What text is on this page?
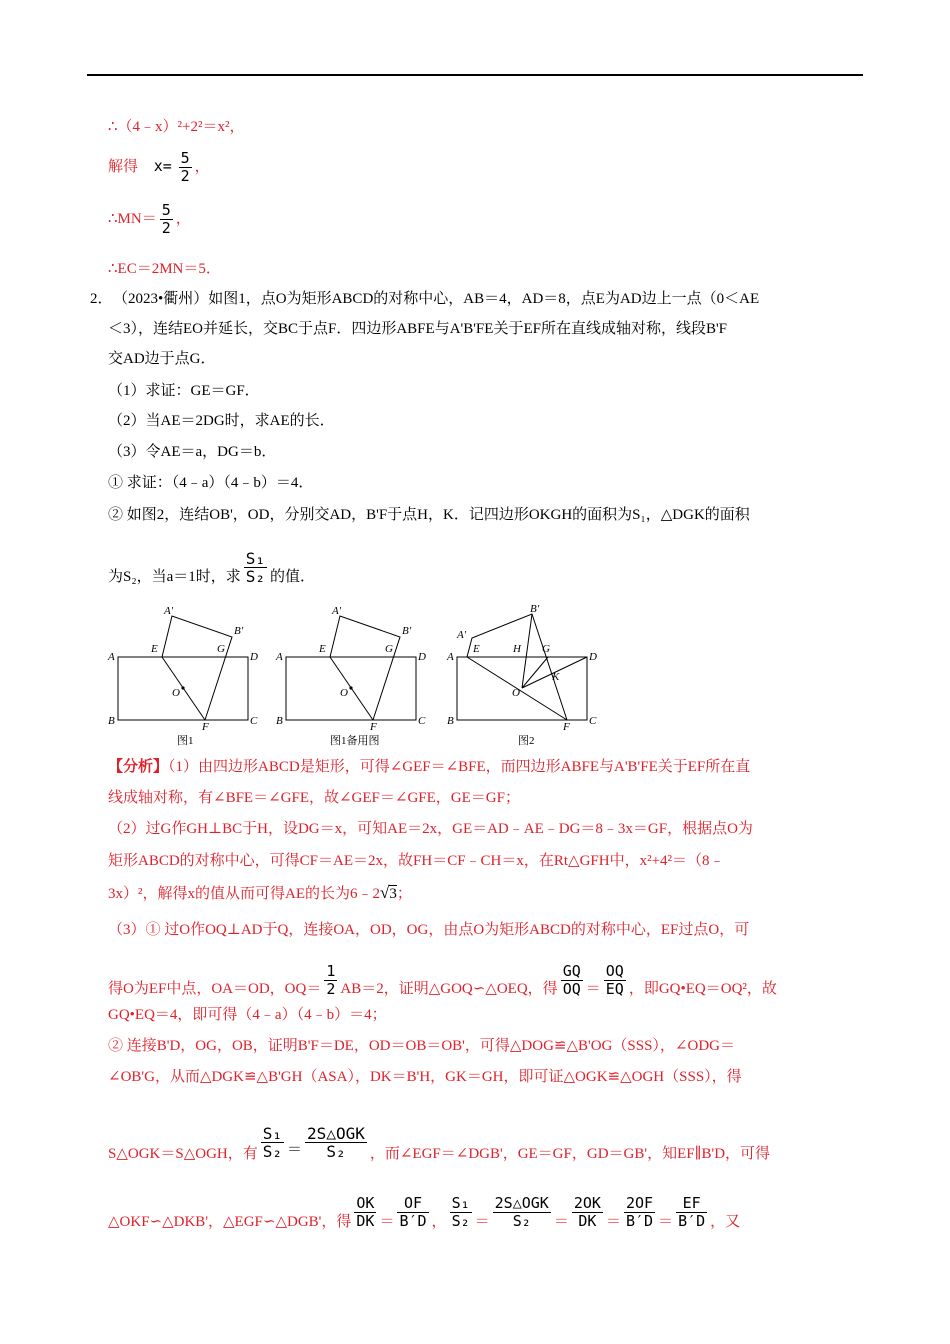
∴（4﹣x）²+2²＝x²，
解得 $x= \frac{5}{2}$ ，
∴MN＝ $\frac{5}{2}$ ，
∴EC＝2MN＝5．
2． （2023•衢州）如图1，点O为矩形ABCD的对称中心，AB＝4，AD＝8，点E为AD边上一点（0＜AE
＜3），连结EO并延长，交BC于点F．四边形ABFE与A'B'FE关于EF所在直线成轴对称，线段B'F
交AD边于点G．
（1）求证：GE＝GF．
（2）当AE＝2DG时，求AE的长．
（3）令AE＝a，DG＝b．
① 求证：（4﹣a）（4﹣b）＝4．
② 如图2，连结OB'，OD，分别交AD，B'F于点H，K．记四边形OKGH的面积为S₁，△DGK的面积
为S₂，当a＝1时，求 $\frac{\text{S₁}}{\text{S₂}}$ 的值．
A
B	C
D
E
F
G
O
A'
B'
图1
A
B	C
D
E
F
G
O
A'
B'
图1备用图
A
B	C
D
E
F
G
O
A'
B'
H
K
图2
【分析】（1）由四边形ABCD是矩形，可得∠GEF＝∠BFE，而四边形ABFE与A'B'FE关于EF所在直
线成轴对称，有∠BFE＝∠GFE，故∠GEF＝∠GFE，GE＝GF；
（2）过G作GH⊥BC于H，设DG＝x，可知AE＝2x，GE＝AD﹣AE﹣DG＝8﹣3x＝GF，根据点O为
矩形ABCD的对称中心，可得CF＝AE＝2x，故FH＝CF﹣CH＝x，在Rt△GFH中，x²+4²＝（8﹣
3x）²，解得x的值从而可得AE的长为6﹣2√3；
（3）① 过O作OQ⊥AD于Q，连接OA，OD，OG，由点O为矩形ABCD的对称中心，EF过点O，可
得O为EF中点，OA＝OD，$OQ= \frac{1}{2} AB=2$，证明△GOQ∽△OEQ，得 $\frac{GQ}{OQ} = \frac{OQ}{EQ}$ ，即GQ•EQ＝OQ²，故
GQ•EQ＝4，即可得（4﹣a）（4﹣b）＝4；
② 连接B'D，OG，OB，证明B'F＝DE，OD＝OB＝OB'，可得△DOG≌△B'OG（SSS），∠ODG＝
∠OB'G，从而△DGK≌△B'GH（ASA），DK＝B'H，GK＝GH，即可证△OGK≌△OGH（SSS），得
S△OGK＝S△OGH，有 $\frac{\text{S₁}}{\text{S₂}} = \frac{\text{2S△OGK}}{\text{S₂}}$ ，而∠EGF＝∠DGB'，GE＝GF，GD＝GB'，知EF∥B'D，可得
△OKF∽△DKB'，△EGF∽△DGB'，得 $\frac{OK}{DK} = \frac{OF}{B'D}$ ， $\frac{\text{S₁}}{\text{S₂}} = \frac{\text{2S△OGK}}{\text{S₂}} = \frac{2OK}{DK} = \frac{2OF}{B'D} = \frac{EF}{B'D}$ ，又
